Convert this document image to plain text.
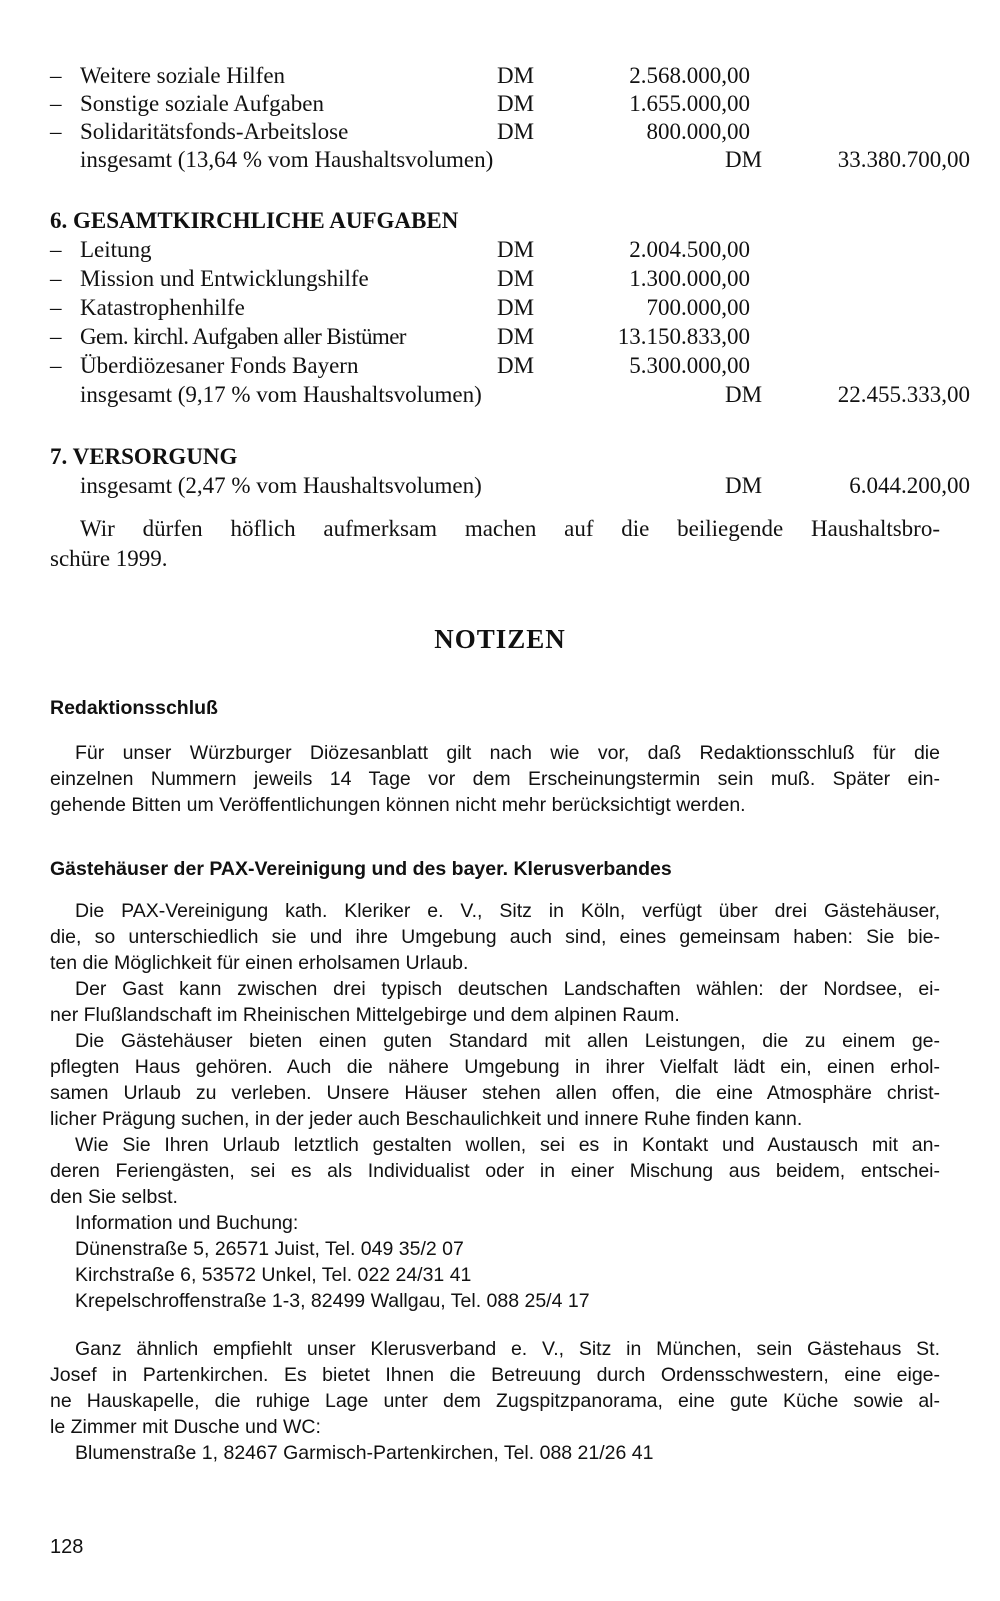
– Weitere soziale Hilfen	DM	2.568.000,00
– Sonstige soziale Aufgaben	DM	1.655.000,00
– Solidaritätsfonds-Arbeitslose	DM	800.000,00
insgesamt (13,64 % vom Haushaltsvolumen)	DM	33.380.700,00
6. GESAMTKIRCHLICHE AUFGABEN
– Leitung	DM	2.004.500,00
– Mission und Entwicklungshilfe	DM	1.300.000,00
– Katastrophenhilfe	DM	700.000,00
– Gem. kirchl. Aufgaben aller Bistümer	DM	13.150.833,00
– Überdiözesaner Fonds Bayern	DM	5.300.000,00
insgesamt (9,17 % vom Haushaltsvolumen)	DM	22.455.333,00
7. VERSORGUNG
insgesamt (2,47 % vom Haushaltsvolumen)	DM	6.044.200,00
Wir dürfen höflich aufmerksam machen auf die beiliegende Haushaltsbro-
schüre 1999.
NOTIZEN
Redaktionsschluß
Für unser Würzburger Diözesanblatt gilt nach wie vor, daß Redaktionsschluß für die
einzelnen Nummern jeweils 14 Tage vor dem Erscheinungstermin sein muß. Später ein-
gehende Bitten um Veröffentlichungen können nicht mehr berücksichtigt werden.
Gästehäuser der PAX-Vereinigung und des bayer. Klerusverbandes
Die PAX-Vereinigung kath. Kleriker e. V., Sitz in Köln, verfügt über drei Gästehäuser,
die, so unterschiedlich sie und ihre Umgebung auch sind, eines gemeinsam haben: Sie bie-
ten die Möglichkeit für einen erholsamen Urlaub.
Der Gast kann zwischen drei typisch deutschen Landschaften wählen: der Nordsee, ei-
ner Flußlandschaft im Rheinischen Mittelgebirge und dem alpinen Raum.
Die Gästehäuser bieten einen guten Standard mit allen Leistungen, die zu einem ge-
pflegten Haus gehören. Auch die nähere Umgebung in ihrer Vielfalt lädt ein, einen erhol-
samen Urlaub zu verleben. Unsere Häuser stehen allen offen, die eine Atmosphäre christ-
licher Prägung suchen, in der jeder auch Beschaulichkeit und innere Ruhe finden kann.
Wie Sie Ihren Urlaub letztlich gestalten wollen, sei es in Kontakt und Austausch mit an-
deren Feriengästen, sei es als Individualist oder in einer Mischung aus beidem, entschei-
den Sie selbst.
Information und Buchung:
Dünenstraße 5, 26571 Juist, Tel. 049 35/2 07
Kirchstraße 6, 53572 Unkel, Tel. 022 24/31 41
Krepelschroffenstraße 1-3, 82499 Wallgau, Tel. 088 25/4 17
Ganz ähnlich empfiehlt unser Klerusverband e. V., Sitz in München, sein Gästehaus St.
Josef in Partenkirchen. Es bietet Ihnen die Betreuung durch Ordensschwestern, eine eige-
ne Hauskapelle, die ruhige Lage unter dem Zugspitzpanorama, eine gute Küche sowie al-
le Zimmer mit Dusche und WC:
Blumenstraße 1, 82467 Garmisch-Partenkirchen, Tel. 088 21/26 41
128
